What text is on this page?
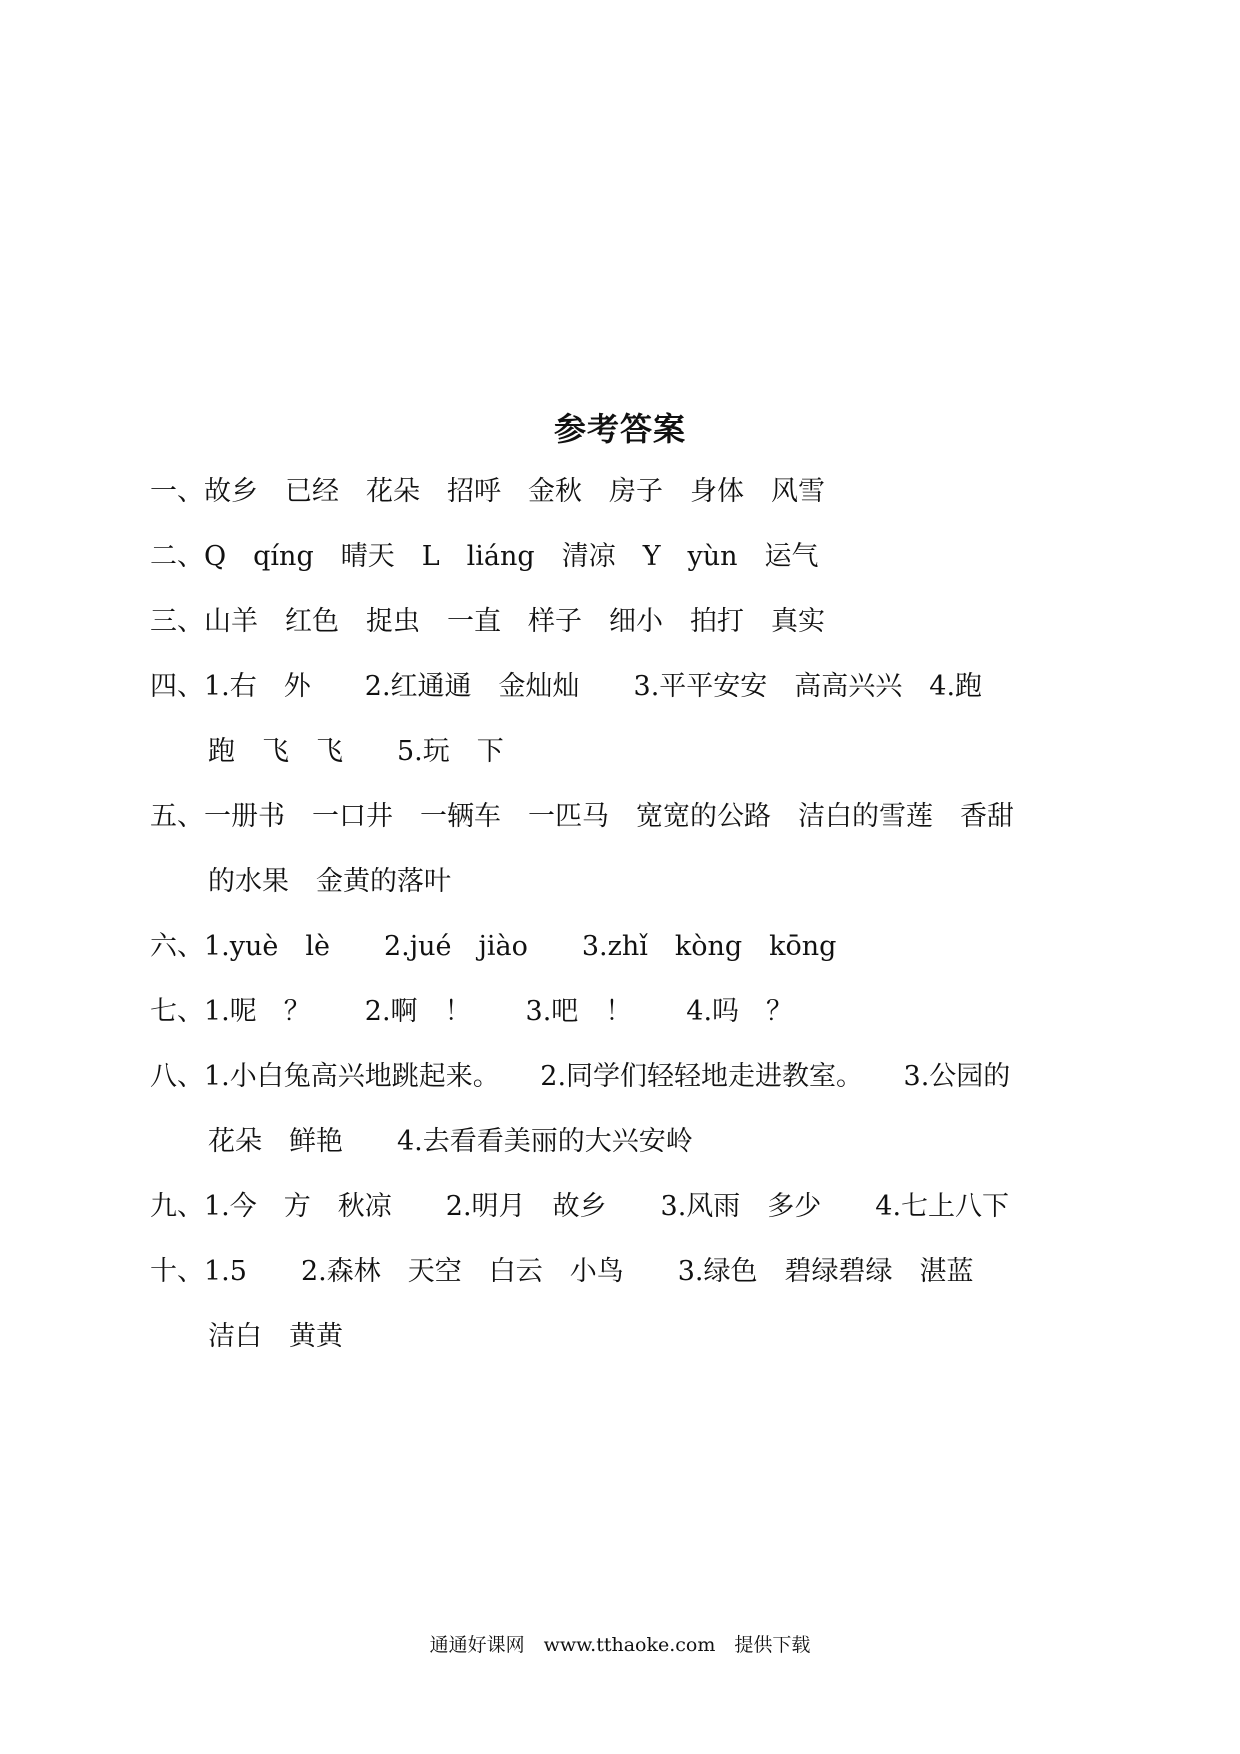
参考答案
一、故乡　已经　花朵　招呼　金秋　房子　身体　风雪
二、Q　qíng　晴天　L　liáng　清凉　Y　yùn　运气
三、山羊　红色　捉虫　一直　样子　细小　拍打　真实
四、1.右　外　　2.红通通　金灿灿　　3.平平安安　高高兴兴　4.跑
跑　飞　飞　　5.玩　下
五、一册书　一口井　一辆车　一匹马　宽宽的公路　洁白的雪莲　香甜
的水果　金黄的落叶
六、1.yuè　lè　　2.jué　jiào　　3.zhǐ　kòng　kōng
七、1.呢　？　　2.啊　！　　3.吧　！　　4.吗　？
八、1.小白兔高兴地跳起来。　　2.同学们轻轻地走进教室。　　3.公园的
花朵　鲜艳　　4.去看看美丽的大兴安岭
九、1.今　方　秋凉　　2.明月　故乡　　3.风雨　多少　　4.七上八下
十、1.5　　2.森林　天空　白云　小鸟　　3.绿色　碧绿碧绿　湛蓝
洁白　黄黄
通通好课网　www.tthaoke.com　提供下载
